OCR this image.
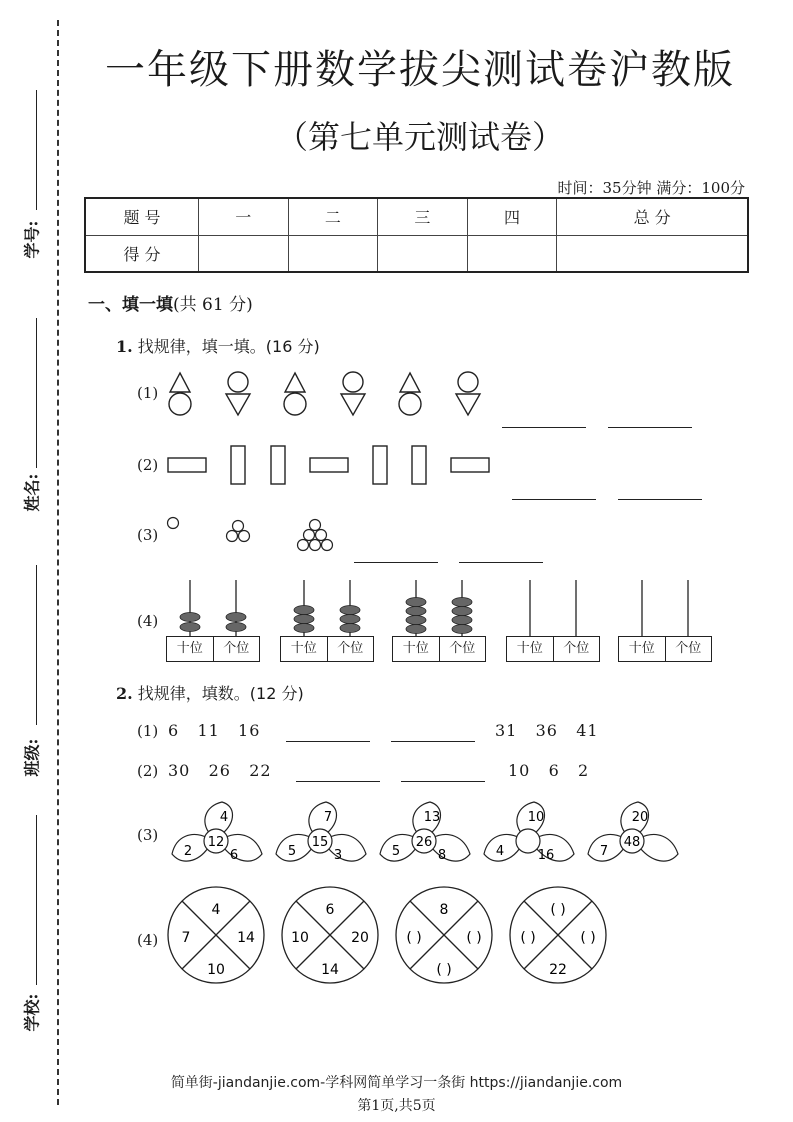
学号:
姓名:
班级:
学校:
一年级下册数学拔尖测试卷沪教版
（第七单元测试卷）
时间：35分钟 满分：100分
题 号	一	二	三	四	总 分
得 分					
一、填一填(共 61 分)
1. 找规律，填一填。(16 分)
(1)
(2)
(3)
(4)
十位	个位	十位	个位	十位	个位	十位	个位	十位	个位
2. 找规律，填数。(12 分)
(1) 6   11   16	31   36   41
(2) 30   26   22	10   6   2
(3)
4
12
2	6
7
15
5	3
13
26
5	8
10
4	16
20
48
7
(4)
4
7	14
10
6
10	20
14
8
( )	( )
( )
( )
( )	( )
22
简单街-jiandanjie.com-学科网简单学习一条街 https://jiandanjie.com
第1页,共5页
